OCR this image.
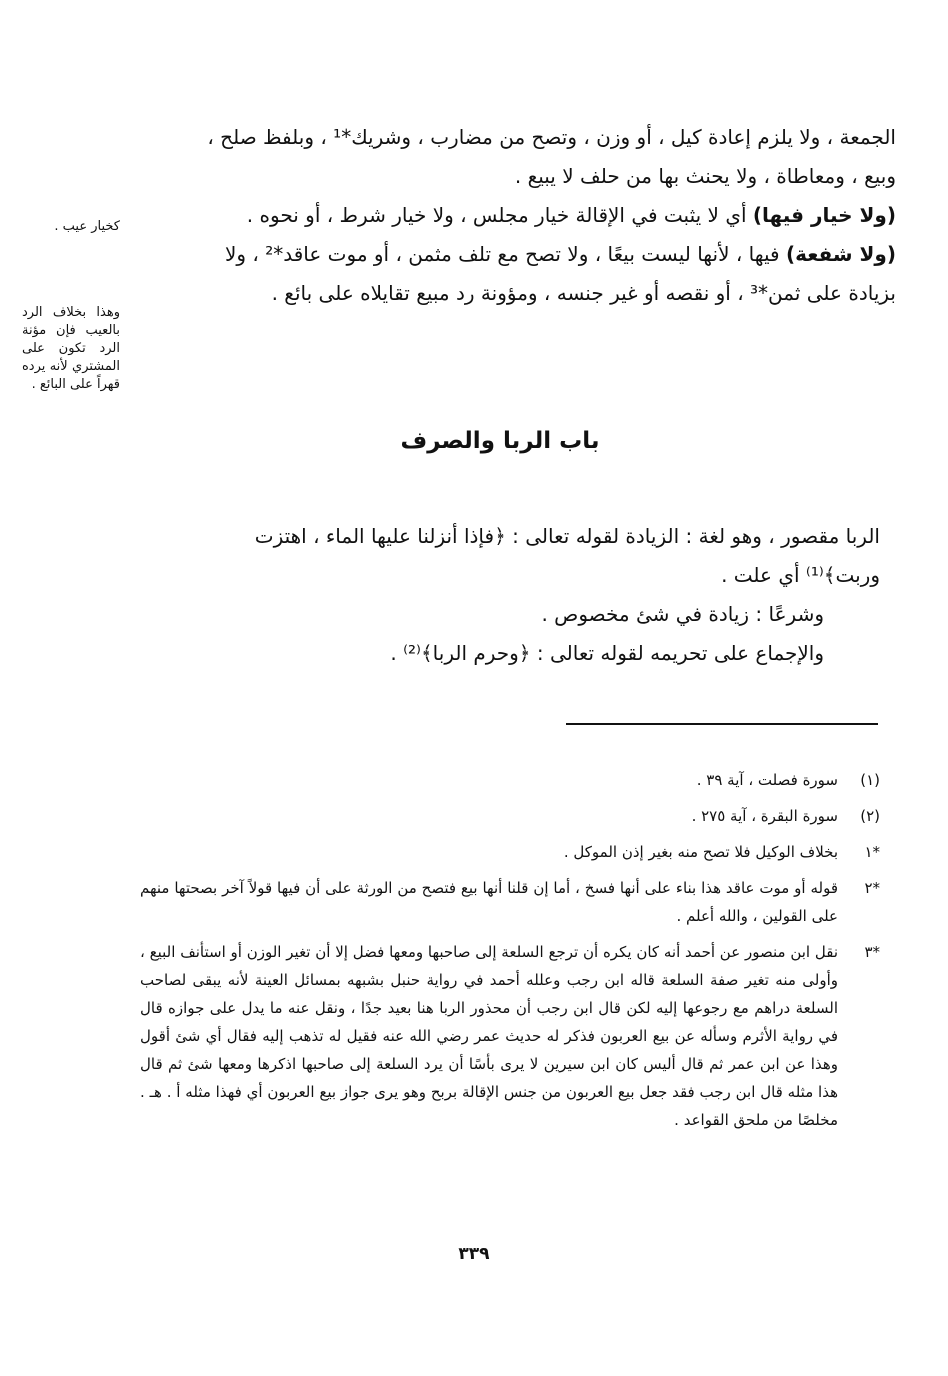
الجمعة ، ولا يلزم إعادة كيل ، أو وزن ، وتصح من مضارب ، وشريك*¹ ، وبلفظ صلح ،

وبيع ، ومعاطاة ، ولا يحنث بها من حلف لا يبيع .

(ولا خيار فيها) أي لا يثبت في الإقالة خيار مجلس ، ولا خيار شرط ، أو نحوه .

(ولا شفعة) فيها ، لأنها ليست بيعًا ، ولا تصح مع تلف مثمن ، أو موت عاقد*² ، ولا

بزيادة على ثمن*³ ، أو نقصه أو غير جنسه ، ومؤونة رد مبيع تقايلاه على بائع .

كخيار عيب .
وهذا بخلاف الرد بالعيب فإن مؤنة الرد تكون على المشتري لأنه يرده قهراً على البائع .
باب الربا والصرف

الربا مقصور ، وهو لغة : الزيادة لقوله تعالى : ﴿فإذا أنزلنا عليها الماء ، اهتزت

وربت﴾⁽¹⁾ أي علت .

وشرعًا : زيادة في شئ مخصوص .

والإجماع على تحريمه لقوله تعالى : ﴿وحرم الربا﴾⁽²⁾ .

(١)
سورة فصلت ، آية ٣٩ .
(٢)
سورة البقرة ، آية ٢٧٥ .
*١
بخلاف الوكيل فلا تصح منه بغير إذن الموكل .
*٢
قوله أو موت عاقد هذا بناء على أنها فسخ ، أما إن قلنا أنها بيع فتصح من الورثة على أن فيها قولاً آخر بصحتها منهم على القولين ، والله أعلم .
*٣
نقل ابن منصور عن أحمد أنه كان يكره أن ترجع السلعة إلى صاحبها ومعها فضل إلا أن تغير الوزن أو استأنف البيع ، وأولى منه تغير صفة السلعة قاله ابن رجب وعلله أحمد في رواية حنبل بشبهه بمسائل العينة لأنه يبقى لصاحب السلعة دراهم مع رجوعها إليه لكن قال ابن رجب أن محذور الربا هنا بعيد جدًا ، ونقل عنه ما يدل على جوازه قال في رواية الأثرم وسأله عن بيع العربون فذكر له حديث عمر رضي الله عنه فقيل له تذهب إليه فقال أي شئ أقول وهذا عن ابن عمر ثم قال أليس كان ابن سيرين لا يرى بأسًا أن يرد السلعة إلى صاحبها اذكرها ومعها شئ ثم قال هذا مثله قال ابن رجب فقد جعل بيع العربون من جنس الإقالة بربح وهو يرى جواز بيع العربون أي فهذا مثله أ . هـ . مخلصًا من ملحق القواعد .
٣٣٩
